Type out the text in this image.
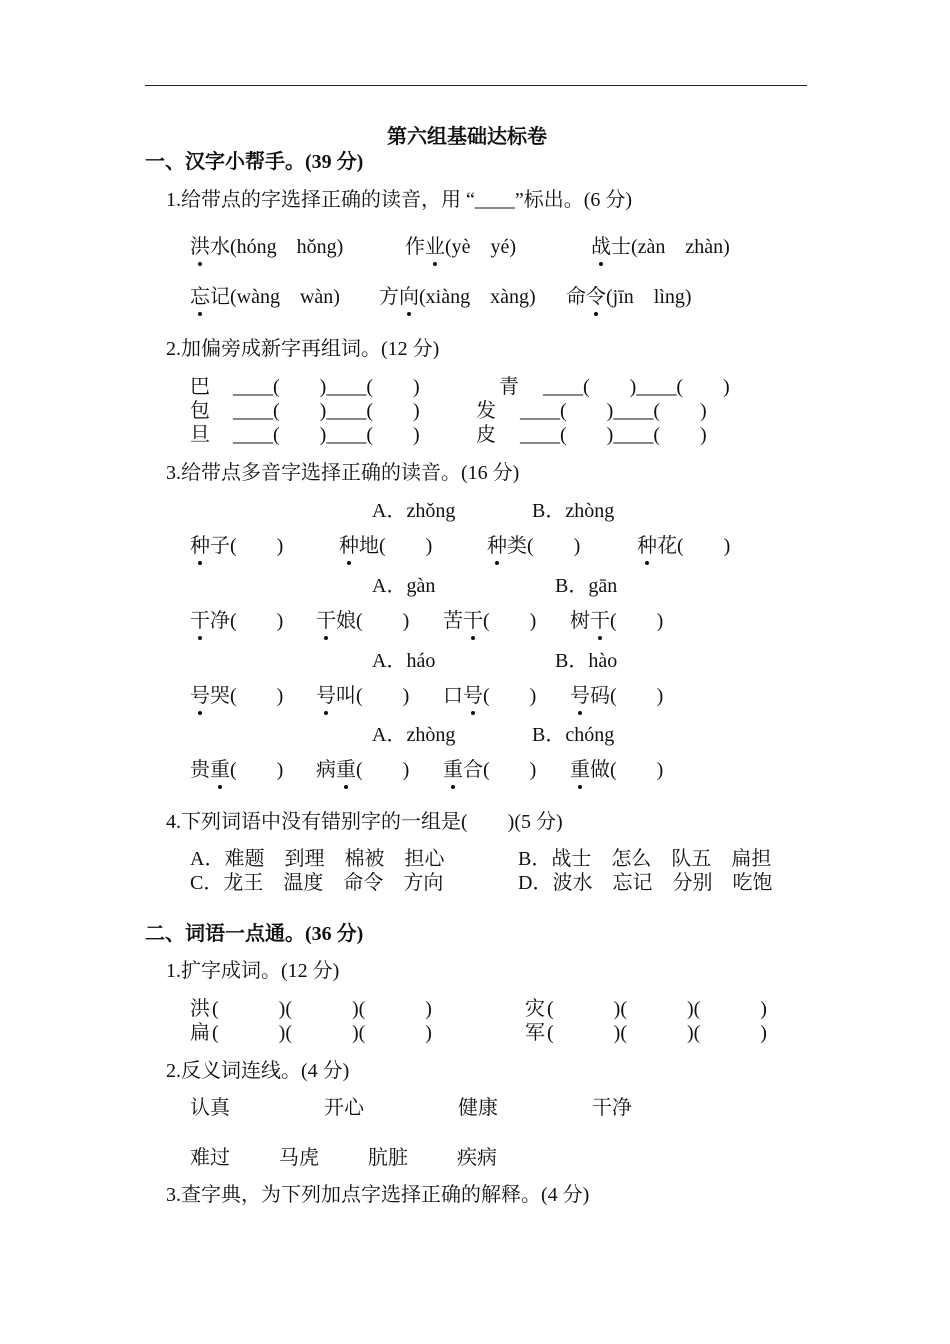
第六组基础达标卷
一、汉字小帮手。(39 分)
1.给带点的字选择正确的读音，用 “____”标出。(6 分)
洪水(hóng    hǒng)	作业(yè    yé)	战士(zàn    zhàn)
忘记(wàng    wàn) 方向(xiàng    xàng) 命令(jīn    lìng)
2.加偏旁成新字再组词。(12 分)
巴 ____(        )____(        )	青 ____(        )____(        )
包 ____(        )____(        )	发 ____(        )____(        )
旦 ____(        )____(        )	皮 ____(        )____(        )
3.给带点多音字选择正确的读音。(16 分)
A．zhǒng	B．zhòng
种子(        )	种地(        )	种类(        )	种花(        )
A．gàn	B．gān
干净(        ) 干娘(        ) 苦干(        ) 树干(        )
A．háo	B．hào
号哭(        ) 号叫(        ) 口号(        ) 号码(        )
A．zhòng	B．chóng
贵重(        ) 病重(        ) 重合(        ) 重做(        )
4.下列词语中没有错别字的一组是(        )(5 分)
A．难题    到理    棉被    担心	B．战士    怎么    队五    扁担
C．龙王    温度    命令    方向	D．波水    忘记    分别    吃饱
二、词语一点通。(36 分)
1.扩字成词。(12 分)
洪 (            )(            )(            )	灾 (            )(            )(            )
扁 (            )(            )(            )	军 (            )(            )(            )
2.反义词连线。(4 分)
认真	开心	健康	干净
难过 马虎 肮脏 疾病
3.查字典，为下列加点字选择正确的解释。(4 分)
